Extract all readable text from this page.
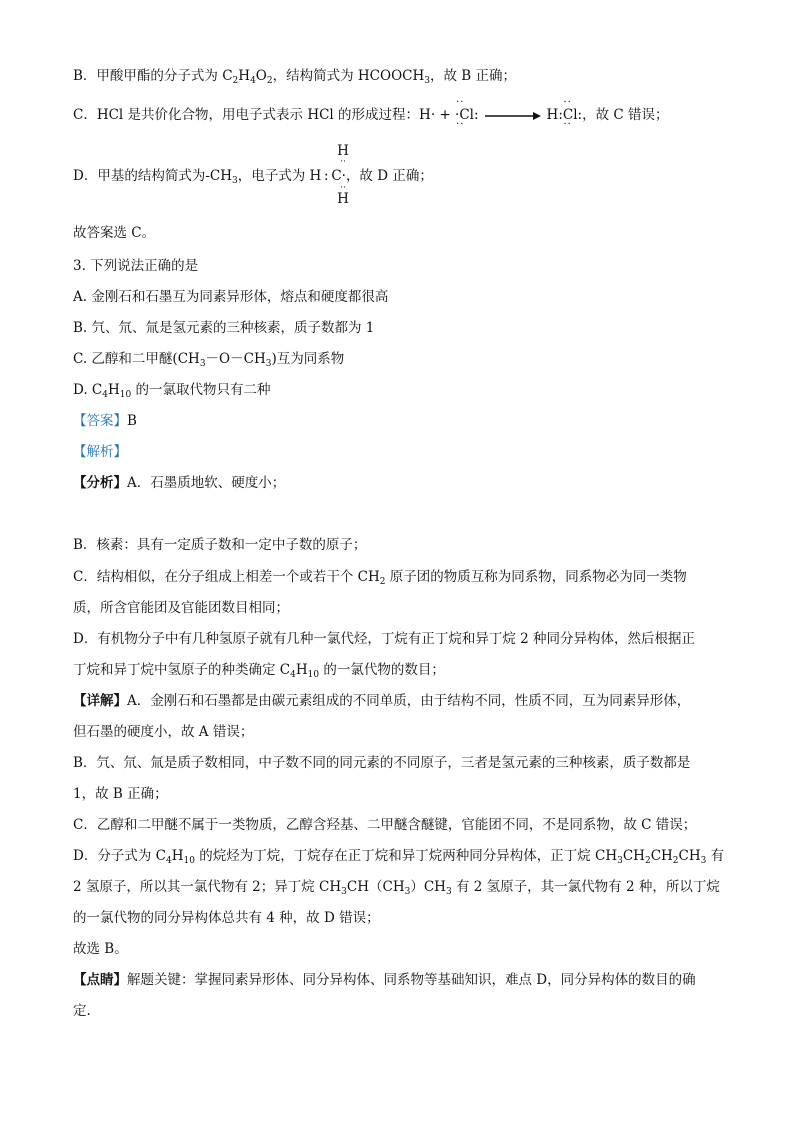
B．甲酸甲酯的分子式为 $C_2H_4O_2$，结构简式为 $HCOOCH_3$，故 B 正确；
C．HCl 是共价化合物，用电子式表示 HCl 的形成过程：H· +
··
·Cl:
··
H
··
:Cl:
··
，故 C 错误；
D．甲基的结构简式为$-CH_3$，电子式为 H : C·，故 D 正确；
H
··
··
H
故答案选 C。
3. 下列说法正确的是
A. 金刚石和石墨互为同素异形体，熔点和硬度都很高
B. 氕、氘、氚是氢元素的三种核素，质子数都为 1
C. 乙醇和二甲醚$(CH_3-O-CH_3)$互为同系物
D. $C_4H_{10}$ 的一氯取代物只有二种
【答案】B
【解析】
【分析】A．石墨质地软、硬度小；
B．核素：具有一定质子数和一定中子数的原子；
C．结构相似，在分子组成上相差一个或若干个 $CH_2$ 原子团的物质互称为同系物，同系物必为同一类物
质，所含官能团及官能团数目相同；
D．有机物分子中有几种氢原子就有几种一氯代烃，丁烷有正丁烷和异丁烷 2 种同分异构体，然后根据正
丁烷和异丁烷中氢原子的种类确定 $C_4H_{10}$ 的一氯代物的数目；
【详解】A．金刚石和石墨都是由碳元素组成的不同单质，由于结构不同，性质不同，互为同素异形体，
但石墨的硬度小，故 A 错误；
B．氕、氘、氚是质子数相同，中子数不同的同元素的不同原子，三者是氢元素的三种核素，质子数都是
1，故 B 正确；
C．乙醇和二甲醚不属于一类物质，乙醇含羟基、二甲醚含醚键，官能团不同，不是同系物，故 C 错误；
D．分子式为 $C_4H_{10}$ 的烷烃为丁烷，丁烷存在正丁烷和异丁烷两种同分异构体，正丁烷 $CH_3CH_2CH_2CH_3$ 有
2 氢原子，所以其一氯代物有 2；异丁烷 $CH_3CH(CH_3)CH_3$ 有 2 氢原子，其一氯代物有 2 种，所以丁烷
的一氯代物的同分异构体总共有 4 种，故 D 错误；
故选 B。
【点睛】解题关键：掌握同素异形体、同分异构体、同系物等基础知识，难点 D，同分异构体的数目的确
定.
